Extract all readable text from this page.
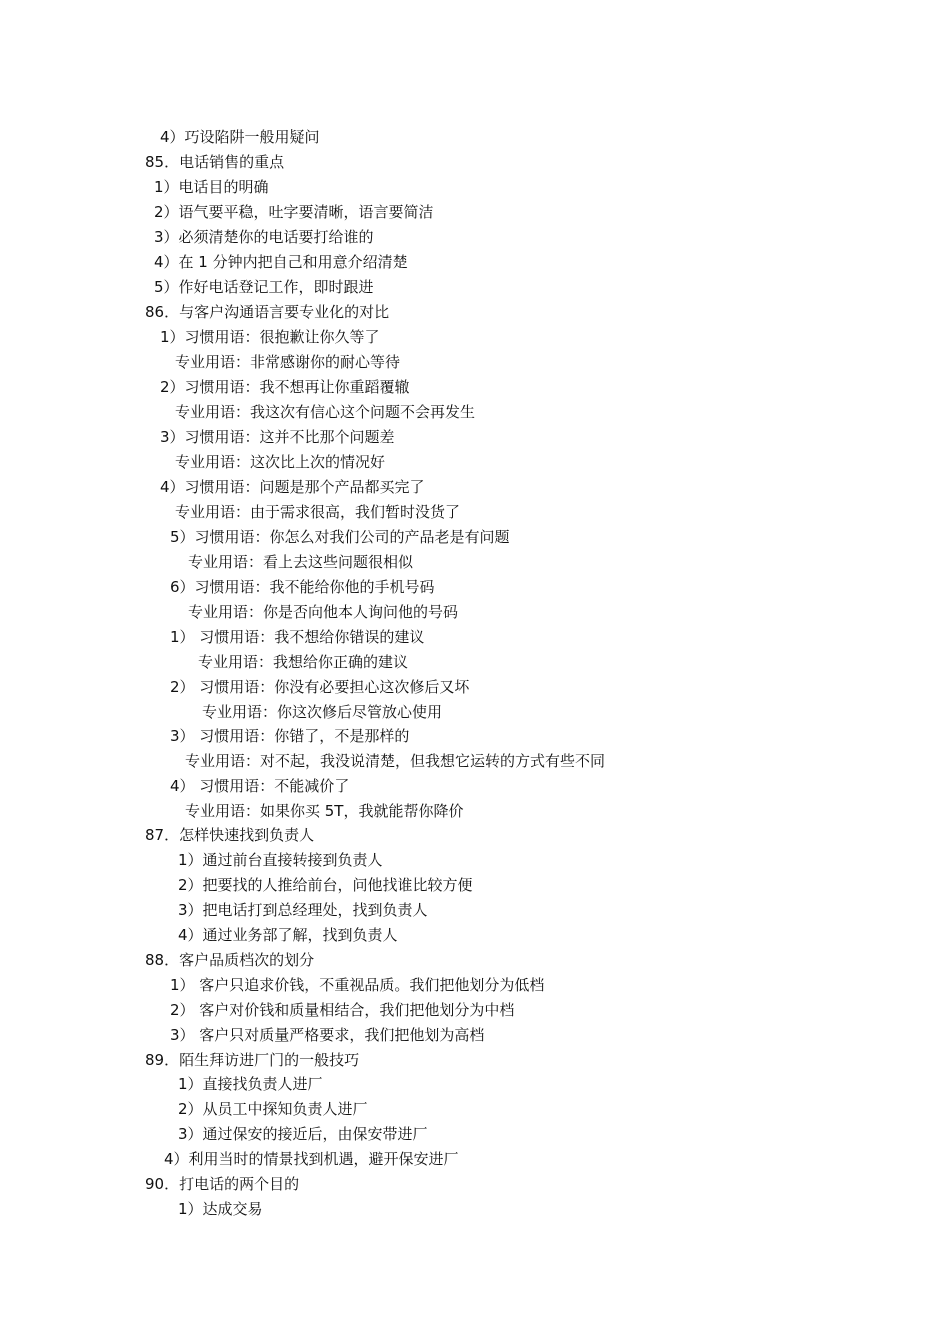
4）巧设陷阱一般用疑问
85．电话销售的重点
1）电话目的明确
2）语气要平稳，吐字要清晰，语言要简洁
3）必须清楚你的电话要打给谁的
4）在 1 分钟内把自己和用意介绍清楚
5）作好电话登记工作，即时跟进
86．与客户沟通语言要专业化的对比
1）习惯用语：很抱歉让你久等了
专业用语：非常感谢你的耐心等待
2）习惯用语：我不想再让你重蹈覆辙
专业用语：我这次有信心这个问题不会再发生
3）习惯用语：这并不比那个问题差
专业用语：这次比上次的情况好
4）习惯用语：问题是那个产品都买完了
专业用语：由于需求很高，我们暂时没货了
5）习惯用语：你怎么对我们公司的产品老是有问题
专业用语：看上去这些问题很相似
6）习惯用语：我不能给你他的手机号码
专业用语：你是否向他本人询问他的号码
1） 习惯用语：我不想给你错误的建议
专业用语：我想给你正确的建议
2） 习惯用语：你没有必要担心这次修后又坏
专业用语：你这次修后尽管放心使用
3） 习惯用语：你错了，不是那样的
专业用语：对不起，我没说清楚，但我想它运转的方式有些不同
4） 习惯用语：不能减价了
专业用语：如果你买 5T，我就能帮你降价
87．怎样快速找到负责人
1）通过前台直接转接到负责人
2）把要找的人推给前台，问他找谁比较方便
3）把电话打到总经理处，找到负责人
4）通过业务部了解，找到负责人
88．客户品质档次的划分
1） 客户只追求价钱，不重视品质。我们把他划分为低档
2） 客户对价钱和质量相结合，我们把他划分为中档
3） 客户只对质量严格要求，我们把他划为高档
89．陌生拜访进厂门的一般技巧
1）直接找负责人进厂
2）从员工中探知负责人进厂
3）通过保安的接近后，由保安带进厂
4）利用当时的情景找到机遇，避开保安进厂
90．打电话的两个目的
1）达成交易
